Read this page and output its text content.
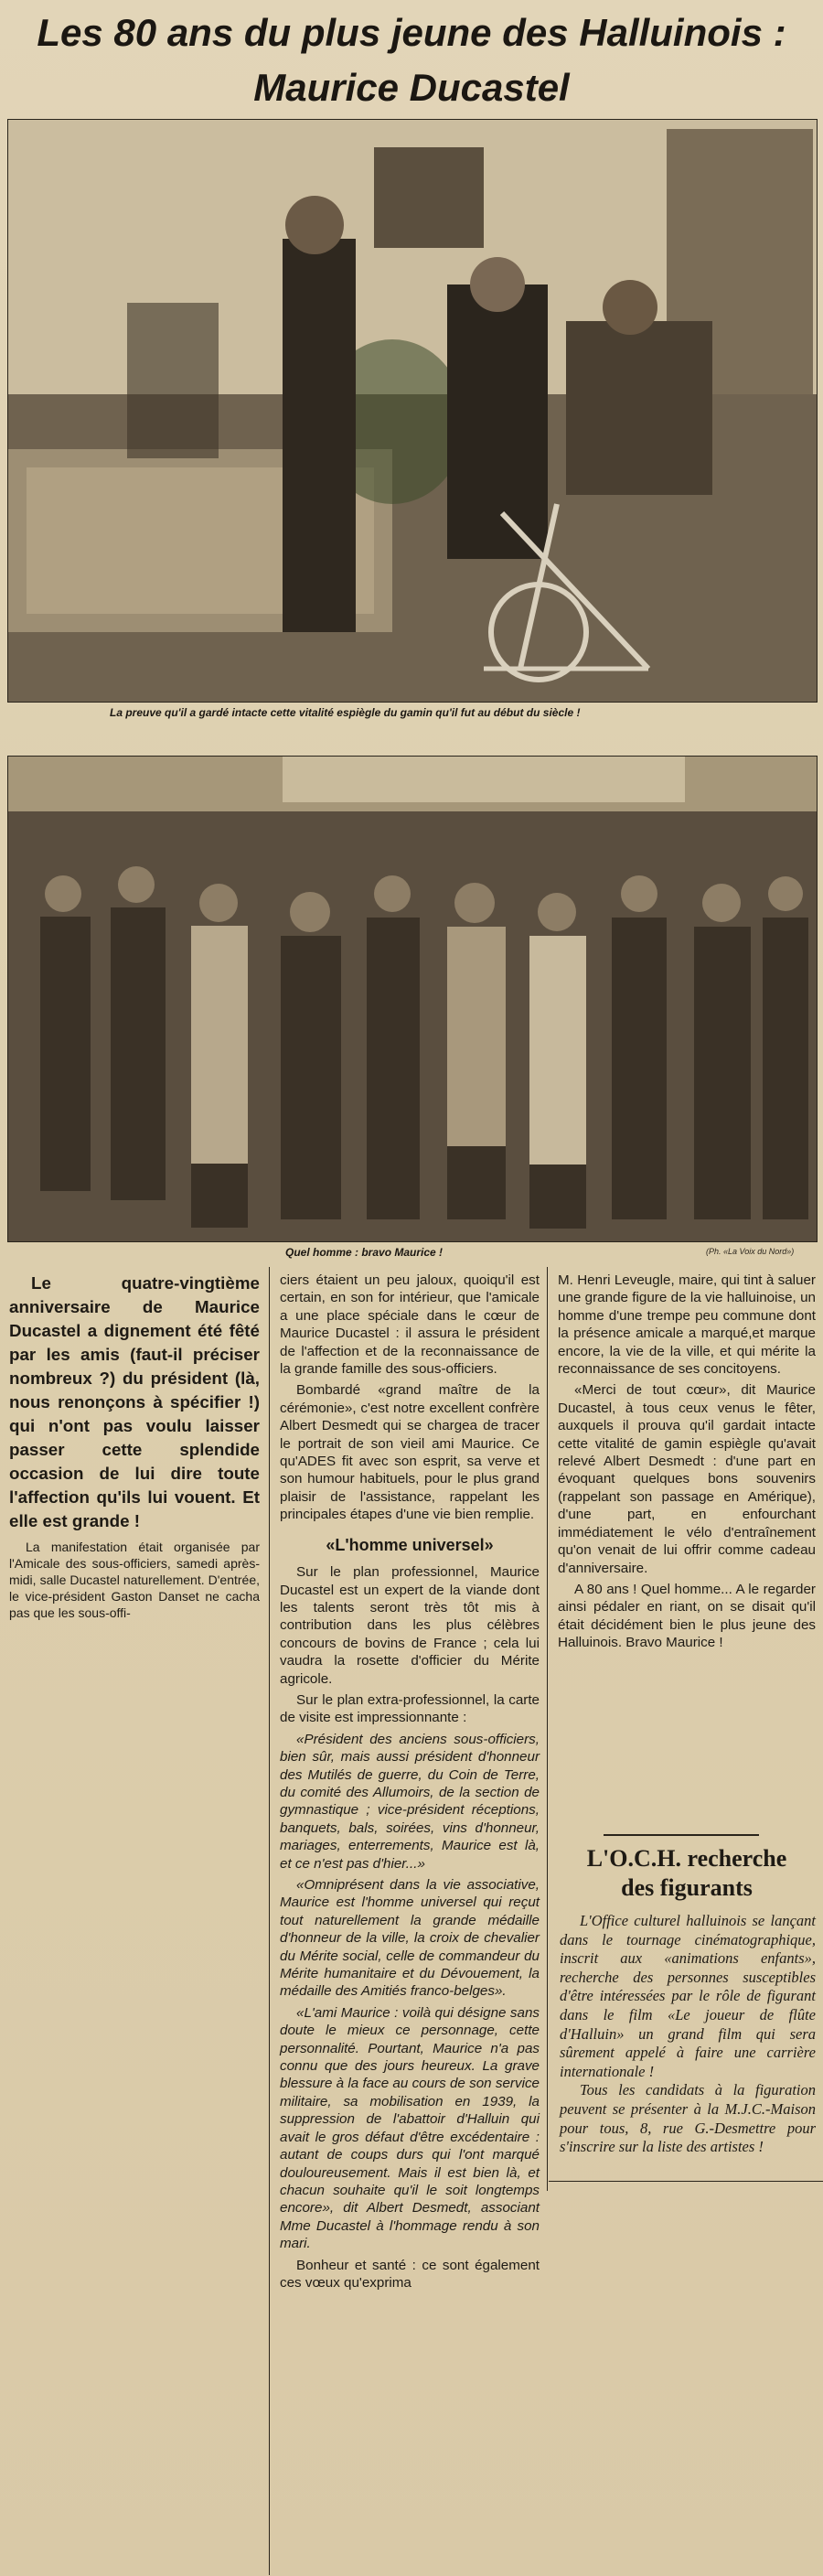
Les 80 ans du plus jeune des Halluinois :
Maurice Ducastel
La preuve qu'il a gardé intacte cette vitalité espiègle du gamin qu'il fut au début du siècle !
Quel homme : bravo Maurice !	(Ph. «La Voix du Nord»)

Le quatre-vingtième anniversaire de Maurice Ducastel a dignement été fêté par les amis (faut-il préciser nombreux ?) du président (là, nous renonçons à spécifier !) qui n'ont pas voulu laisser passer cette splendide occasion de lui dire toute l'affection qu'ils lui vouent. Et elle est grande !

La manifestation était organisée par l'Amicale des sous-officiers, samedi après-midi, salle Ducastel naturellement. D'entrée, le vice-président Gaston Danset ne cacha pas que les sous-offi-

ciers étaient un peu jaloux, quoiqu'il est certain, en son for intérieur, que l'amicale a une place spéciale dans le cœur de Maurice Ducastel : il assura le président de l'affection et de la reconnaissance de la grande famille des sous-officiers.

Bombardé «grand maître de la cérémonie», c'est notre excellent confrère Albert Desmedt qui se chargea de tracer le portrait de son vieil ami Maurice. Ce qu'ADES fit avec son esprit, sa verve et son humour habituels, pour le plus grand plaisir de l'assistance, rappelant les principales étapes d'une vie bien remplie.

«L'homme universel»

Sur le plan professionnel, Maurice Ducastel est un expert de la viande dont les talents seront très tôt mis à contribution dans les plus célèbres concours de bovins de France ; cela lui vaudra la rosette d'officier du Mérite agricole.

Sur le plan extra-professionnel, la carte de visite est impressionnante :

«Président des anciens sous-officiers, bien sûr, mais aussi président d'honneur des Mutilés de guerre, du Coin de Terre, du comité des Allumoirs, de la section de gymnastique ; vice-président réceptions, banquets, bals, soirées, vins d'honneur, mariages, enterrements, Maurice est là, et ce n'est pas d'hier...»

«Omniprésent dans la vie associative, Maurice est l'homme universel qui reçut tout naturellement la grande médaille d'honneur de la ville, la croix de chevalier du Mérite social, celle de commandeur du Mérite humanitaire et du Dévouement, la médaille des Amitiés franco-belges».

«L'ami Maurice : voilà qui désigne sans doute le mieux ce personnage, cette personnalité. Pourtant, Maurice n'a pas connu que des jours heureux. La grave blessure à la face au cours de son service militaire, sa mobilisation en 1939, la suppression de l'abattoir d'Halluin qui avait le gros défaut d'être excédentaire : autant de coups durs qui l'ont marqué douloureusement. Mais il est bien là, et chacun souhaite qu'il le soit longtemps encore», dit Albert Desmedt, associant Mme Ducastel à l'hommage rendu à son mari.

Bonheur et santé : ce sont également ces vœux qu'exprima

M. Henri Leveugle, maire, qui tint à saluer une grande figure de la vie halluinoise, un homme d'une trempe peu commune dont la présence amicale a marqué,et marque encore, la vie de la ville, et qui mérite la reconnaissance de ses concitoyens.

«Merci de tout cœur», dit Maurice Ducastel, à tous ceux venus le fêter, auxquels il prouva qu'il gardait intacte cette vitalité de gamin espiègle qu'avait relevé Albert Desmedt : d'une part en évoquant quelques bons souvenirs (rappelant son passage en Amérique), d'une part, en enfourchant immédiatement le vélo d'entraînement qu'on venait de lui offrir comme cadeau d'anniversaire.

A 80 ans ! Quel homme... A le regarder ainsi pédaler en riant, on se disait qu'il était décidément bien le plus jeune des Halluinois. Bravo Maurice !

L'O.C.H. recherche
des figurants

L'Office culturel halluinois se lançant dans le tournage cinématographique, inscrit aux «animations enfants», recherche des personnes susceptibles d'être intéressées par le rôle de figurant dans le film «Le joueur de flûte d'Halluin» un grand film qui sera sûrement appelé à faire une carrière internationale !

Tous les candidats à la figuration peuvent se présenter à la M.J.C.-Maison pour tous, 8, rue G.-Desmettre pour s'inscrire sur la liste des artistes !
